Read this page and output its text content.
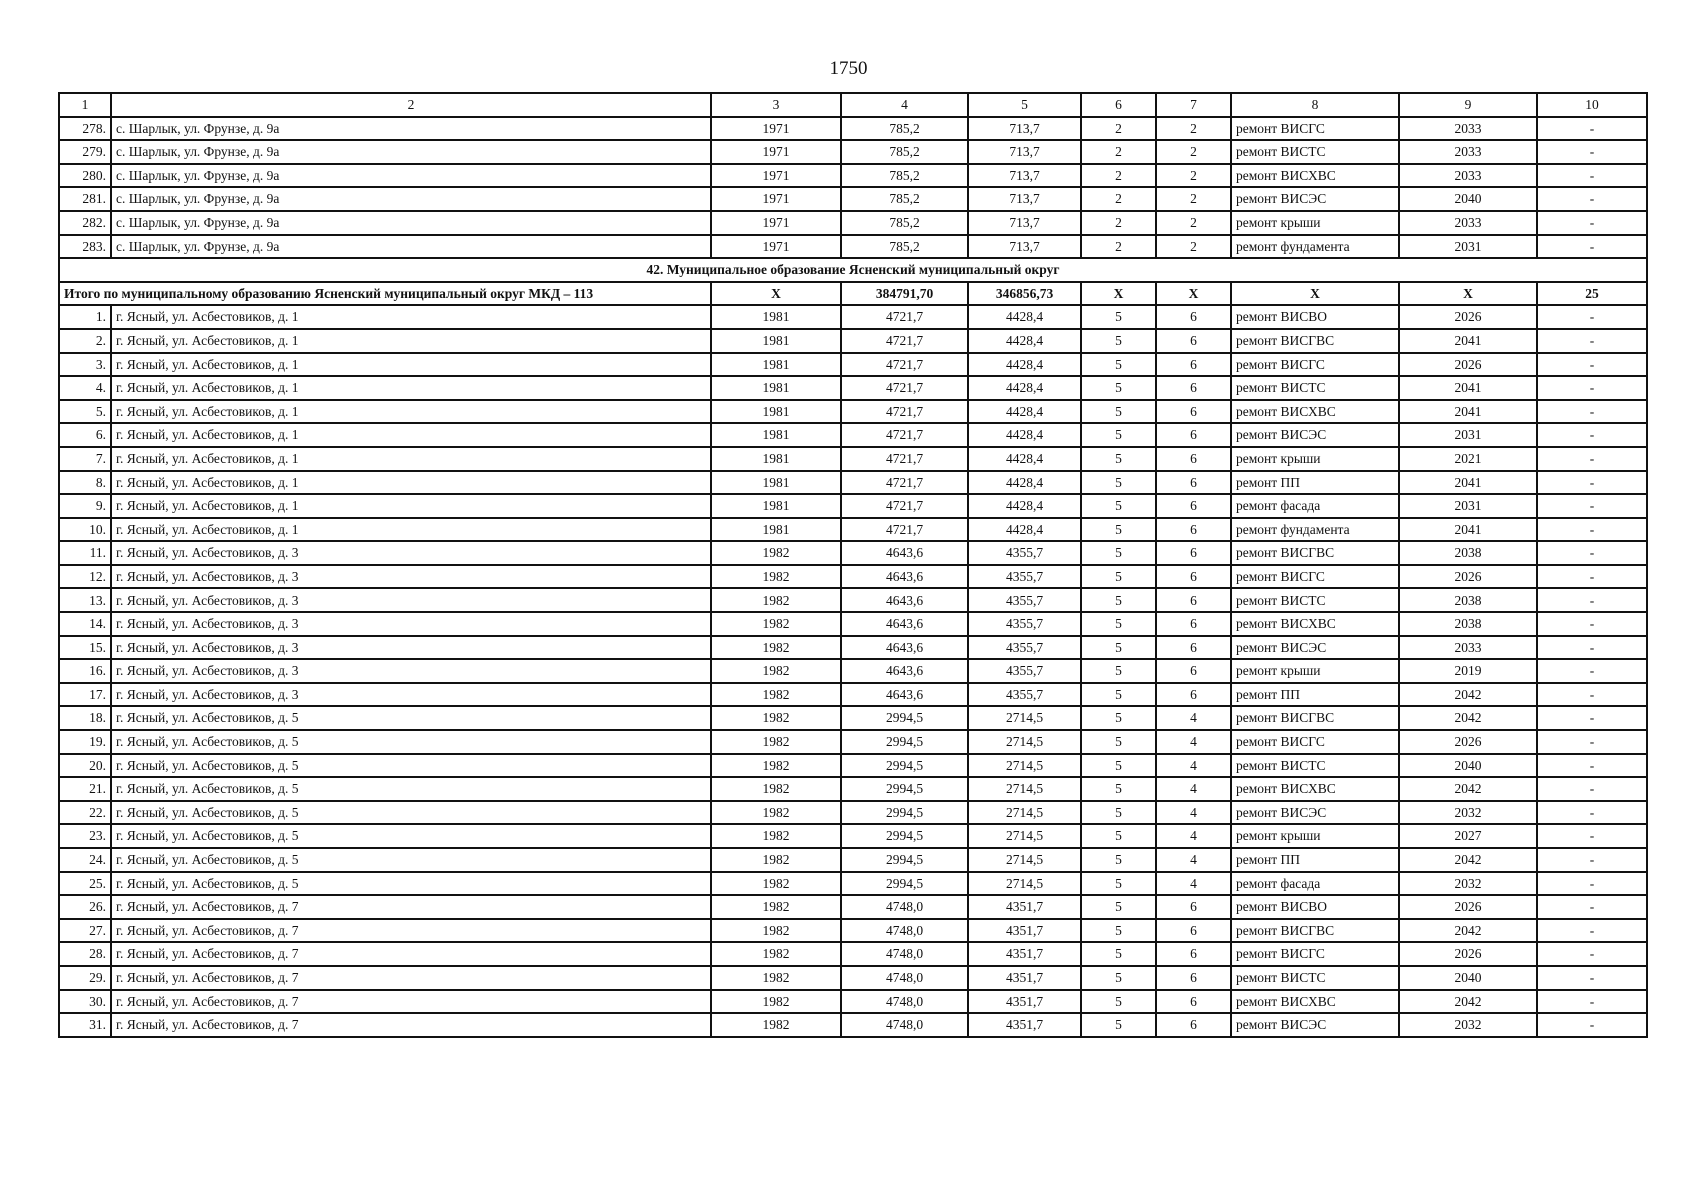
1750
1	2	3	4	5	6	7	8	9	10
278.	с. Шарлык, ул. Фрунзе, д. 9а	1971	785,2	713,7	2	2	ремонт ВИСГС	2033	-
279.	с. Шарлык, ул. Фрунзе, д. 9а	1971	785,2	713,7	2	2	ремонт ВИСТС	2033	-
280.	с. Шарлык, ул. Фрунзе, д. 9а	1971	785,2	713,7	2	2	ремонт ВИСХВС	2033	-
281.	с. Шарлык, ул. Фрунзе, д. 9а	1971	785,2	713,7	2	2	ремонт ВИСЭС	2040	-
282.	с. Шарлык, ул. Фрунзе, д. 9а	1971	785,2	713,7	2	2	ремонт крыши	2033	-
283.	с. Шарлык, ул. Фрунзе, д. 9а	1971	785,2	713,7	2	2	ремонт фундамента	2031	-
42. Муниципальное образование Ясненский муниципальный округ									
Итого по муниципальному образованию Ясненский муниципальный округ МКД – 113		X	384791,70	346856,73	X	X	X	X	25
1.	г. Ясный, ул. Асбестовиков, д. 1	1981	4721,7	4428,4	5	6	ремонт ВИСВО	2026	-
2.	г. Ясный, ул. Асбестовиков, д. 1	1981	4721,7	4428,4	5	6	ремонт ВИСГВС	2041	-
3.	г. Ясный, ул. Асбестовиков, д. 1	1981	4721,7	4428,4	5	6	ремонт ВИСГС	2026	-
4.	г. Ясный, ул. Асбестовиков, д. 1	1981	4721,7	4428,4	5	6	ремонт ВИСТС	2041	-
5.	г. Ясный, ул. Асбестовиков, д. 1	1981	4721,7	4428,4	5	6	ремонт ВИСХВС	2041	-
6.	г. Ясный, ул. Асбестовиков, д. 1	1981	4721,7	4428,4	5	6	ремонт ВИСЭС	2031	-
7.	г. Ясный, ул. Асбестовиков, д. 1	1981	4721,7	4428,4	5	6	ремонт крыши	2021	-
8.	г. Ясный, ул. Асбестовиков, д. 1	1981	4721,7	4428,4	5	6	ремонт ПП	2041	-
9.	г. Ясный, ул. Асбестовиков, д. 1	1981	4721,7	4428,4	5	6	ремонт фасада	2031	-
10.	г. Ясный, ул. Асбестовиков, д. 1	1981	4721,7	4428,4	5	6	ремонт фундамента	2041	-
11.	г. Ясный, ул. Асбестовиков, д. 3	1982	4643,6	4355,7	5	6	ремонт ВИСГВС	2038	-
12.	г. Ясный, ул. Асбестовиков, д. 3	1982	4643,6	4355,7	5	6	ремонт ВИСГС	2026	-
13.	г. Ясный, ул. Асбестовиков, д. 3	1982	4643,6	4355,7	5	6	ремонт ВИСТС	2038	-
14.	г. Ясный, ул. Асбестовиков, д. 3	1982	4643,6	4355,7	5	6	ремонт ВИСХВС	2038	-
15.	г. Ясный, ул. Асбестовиков, д. 3	1982	4643,6	4355,7	5	6	ремонт ВИСЭС	2033	-
16.	г. Ясный, ул. Асбестовиков, д. 3	1982	4643,6	4355,7	5	6	ремонт крыши	2019	-
17.	г. Ясный, ул. Асбестовиков, д. 3	1982	4643,6	4355,7	5	6	ремонт ПП	2042	-
18.	г. Ясный, ул. Асбестовиков, д. 5	1982	2994,5	2714,5	5	4	ремонт ВИСГВС	2042	-
19.	г. Ясный, ул. Асбестовиков, д. 5	1982	2994,5	2714,5	5	4	ремонт ВИСГС	2026	-
20.	г. Ясный, ул. Асбестовиков, д. 5	1982	2994,5	2714,5	5	4	ремонт ВИСТС	2040	-
21.	г. Ясный, ул. Асбестовиков, д. 5	1982	2994,5	2714,5	5	4	ремонт ВИСХВС	2042	-
22.	г. Ясный, ул. Асбестовиков, д. 5	1982	2994,5	2714,5	5	4	ремонт ВИСЭС	2032	-
23.	г. Ясный, ул. Асбестовиков, д. 5	1982	2994,5	2714,5	5	4	ремонт крыши	2027	-
24.	г. Ясный, ул. Асбестовиков, д. 5	1982	2994,5	2714,5	5	4	ремонт ПП	2042	-
25.	г. Ясный, ул. Асбестовиков, д. 5	1982	2994,5	2714,5	5	4	ремонт фасада	2032	-
26.	г. Ясный, ул. Асбестовиков, д. 7	1982	4748,0	4351,7	5	6	ремонт ВИСВО	2026	-
27.	г. Ясный, ул. Асбестовиков, д. 7	1982	4748,0	4351,7	5	6	ремонт ВИСГВС	2042	-
28.	г. Ясный, ул. Асбестовиков, д. 7	1982	4748,0	4351,7	5	6	ремонт ВИСГС	2026	-
29.	г. Ясный, ул. Асбестовиков, д. 7	1982	4748,0	4351,7	5	6	ремонт ВИСТС	2040	-
30.	г. Ясный, ул. Асбестовиков, д. 7	1982	4748,0	4351,7	5	6	ремонт ВИСХВС	2042	-
31.	г. Ясный, ул. Асбестовиков, д. 7	1982	4748,0	4351,7	5	6	ремонт ВИСЭС	2032	-
